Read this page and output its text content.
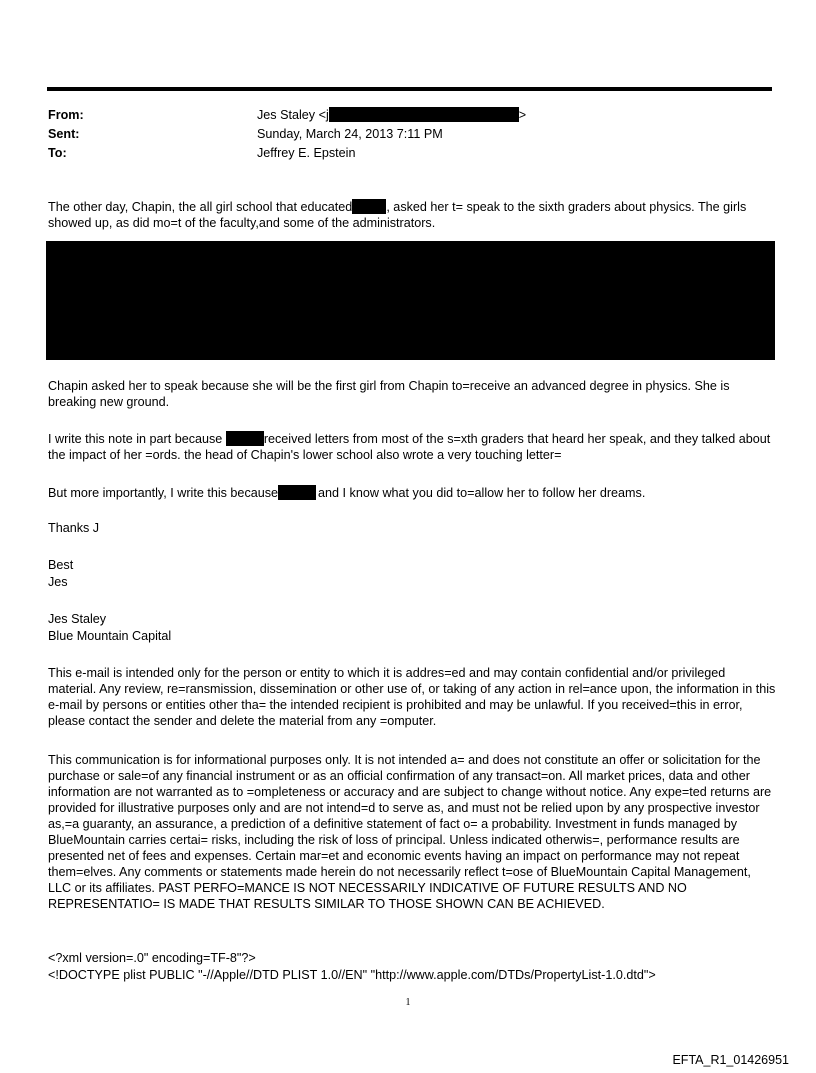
From:	Jes Staley <j	>
Sent:	Sunday, March 24, 2013 7:11 PM
To:	Jeffrey E. Epstein
The other day, Chapin, the all girl school that educated	, asked her t= speak to the sixth graders about physics. The girls showed up, as did mo=t of the faculty,and some of the administrators.
Chapin asked her to speak because she will be the first girl from Chapin to=receive an advanced degree in physics. She is breaking new ground.
I write this note in part because	received letters from most of the s=xth graders that heard her speak, and they talked about the impact of her =ords. the head of Chapin's lower school also wrote a very touching letter=
But more importantly, I write this because	and I know what you did to=allow her to follow her dreams.
Thanks J
Best
Jes
Jes Staley
Blue Mountain Capital
This e-mail is intended only for the person or entity to which it is addres=ed and may contain confidential and/or privileged material. Any review, re=ransmission, dissemination or other use of, or taking of any action in rel=ance upon, the information in this e-mail by persons or entities other tha= the intended recipient is prohibited and may be unlawful. If you received=this in error, please contact the sender and delete the material from any =omputer.
This communication is for informational purposes only. It is not intended a= and does not constitute an offer or solicitation for the purchase or sale=of any financial instrument or as an official confirmation of any transact=on. All market prices, data and other information are not warranted as to =ompleteness or accuracy and are subject to change without notice. Any expe=ted returns are provided for illustrative purposes only and are not intend=d to serve as, and must not be relied upon by any prospective investor as,=a guaranty, an assurance, a prediction of a definitive statement of fact o= a probability. Investment in funds managed by BlueMountain carries certai= risks, including the risk of loss of principal. Unless indicated otherwis=, performance results are presented net of fees and expenses. Certain mar=et and economic events having an impact on performance may not repeat them=elves. Any comments or statements made herein do not necessarily reflect t=ose of BlueMountain Capital Management, LLC or its affiliates. PAST PERFO=MANCE IS NOT NECESSARILY INDICATIVE OF FUTURE RESULTS AND NO REPRESENTATIO= IS MADE THAT RESULTS SIMILAR TO THOSE SHOWN CAN BE ACHIEVED.
<?xml version=.0" encoding=TF-8"?>
<!DOCTYPE plist PUBLIC "-//Apple//DTD PLIST 1.0//EN" "http://www.apple.com/DTDs/PropertyList-1.0.dtd">
1
EFTA_R1_01426951
